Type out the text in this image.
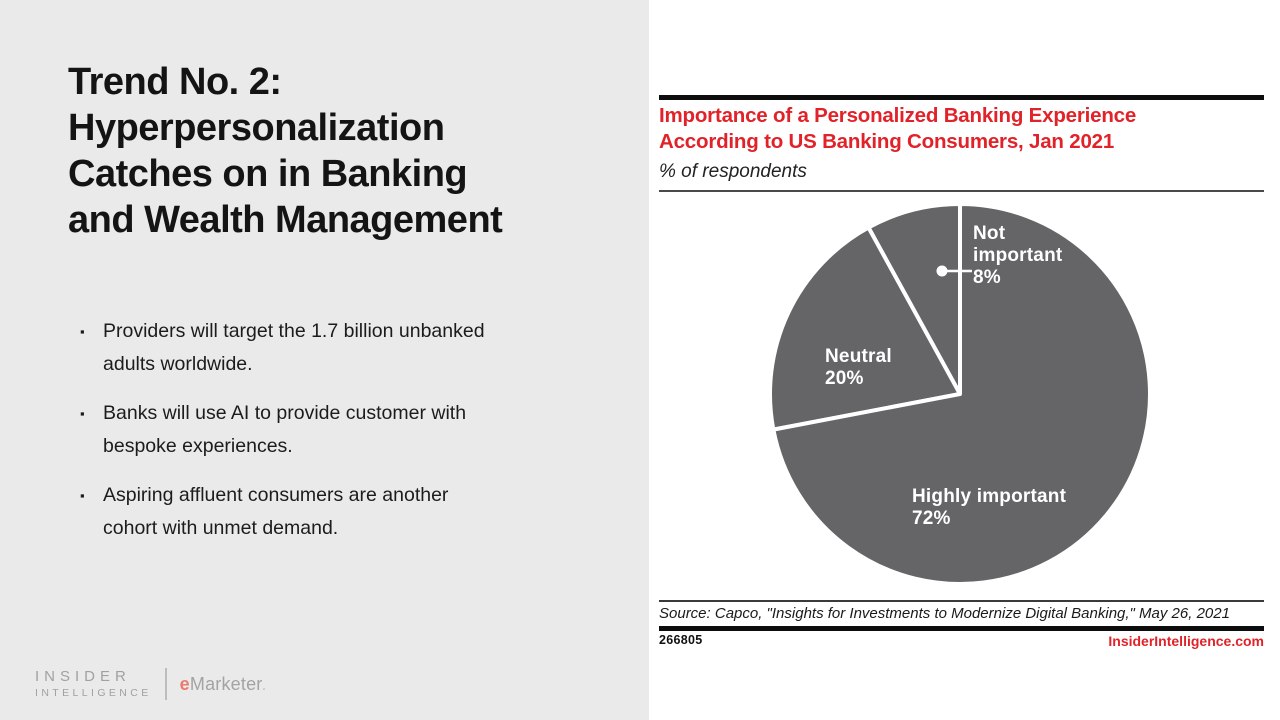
Trend No. 2:
Hyperpersonalization
Catches on in Banking
and Wealth Management
▪ Providers will target the 1.7 billion unbanked
adults worldwide.
▪ Banks will use AI to provide customer with
bespoke experiences.
▪ Aspiring affluent consumers are another
cohort with unmet demand.
INSIDER
INTELLIGENCE eMarketer.
Importance of a Personalized Banking Experience
According to US Banking Consumers, Jan 2021
% of respondents
Not important
8%
Neutral
20%
Highly important
72%
Source: Capco, "Insights for Investments to Modernize Digital Banking," May 26, 2021
266805	InsiderIntelligence.com
